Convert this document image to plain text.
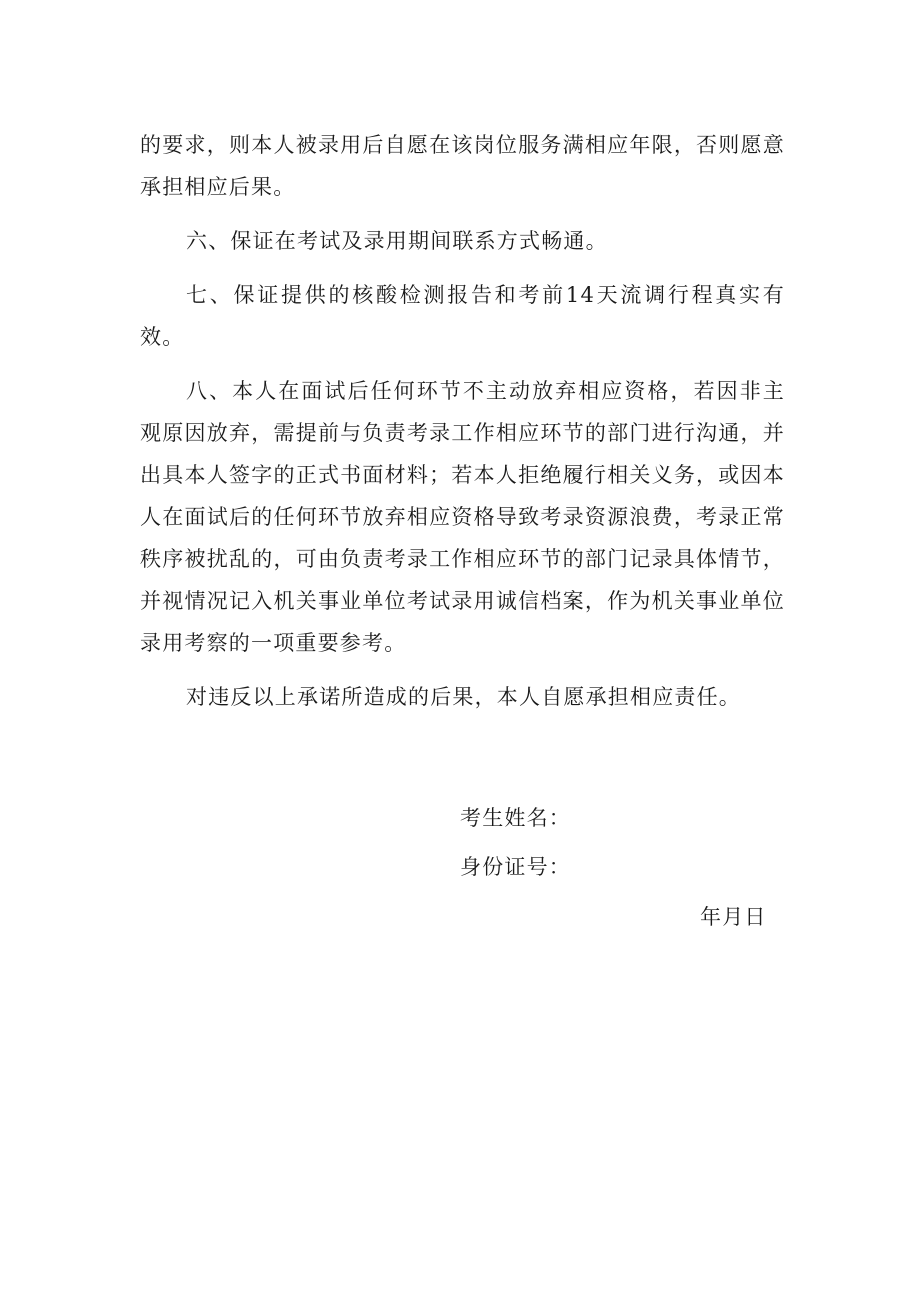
的要求，则本人被录用后自愿在该岗位服务满相应年限，否则愿意承担相应后果。

六、保证在考试及录用期间联系方式畅通。

七、保证提供的核酸检测报告和考前14天流调行程真实有效。

八、本人在面试后任何环节不主动放弃相应资格，若因非主观原因放弃，需提前与负责考录工作相应环节的部门进行沟通，并出具本人签字的正式书面材料；若本人拒绝履行相关义务，或因本人在面试后的任何环节放弃相应资格导致考录资源浪费，考录正常秩序被扰乱的，可由负责考录工作相应环节的部门记录具体情节，并视情况记入机关事业单位考试录用诚信档案，作为机关事业单位录用考察的一项重要参考。

对违反以上承诺所造成的后果，本人自愿承担相应责任。

考生姓名：
身份证号：
年月日
